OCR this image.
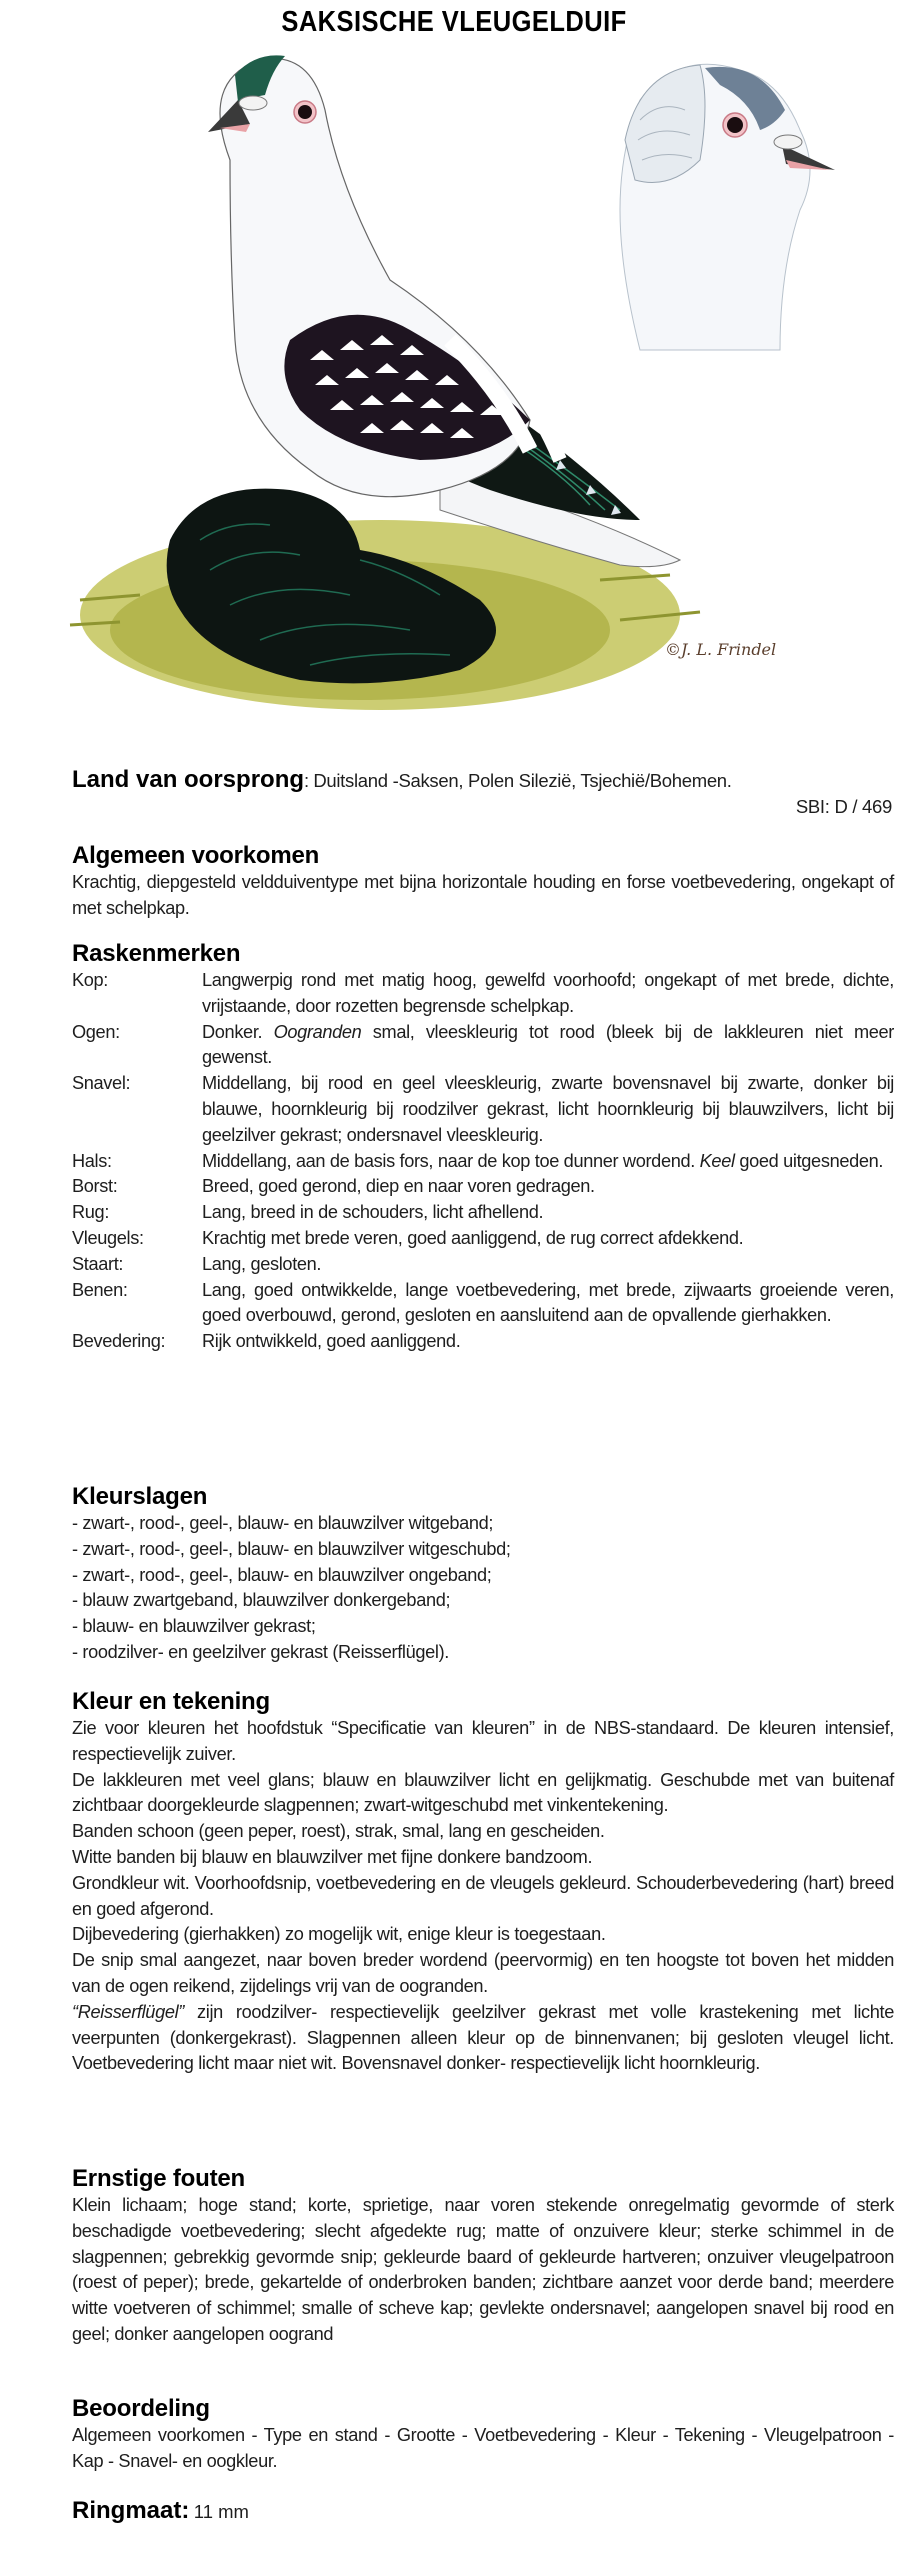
SAKSISCHE VLEUGELDUIF
©J. L. Frindel
Land van oorsprong: Duitsland -Saksen, Polen Silezië, Tsjechië/Bohemen.
SBI: D / 469
Algemeen voorkomen
Krachtig, diepgesteld veldduiventype met bijna horizontale houding en forse voetbevedering, ongekapt of met schelpkap.
Raskenmerken
Kop:	Langwerpig rond met matig hoog, gewelfd voorhoofd; ongekapt of met brede, dichte, vrijstaande, door rozetten begrensde schelpkap.
Ogen:	Donker. Oogranden smal, vleeskleurig tot rood (bleek bij de lakkleuren niet meer gewenst.
Snavel:	Middellang, bij rood en geel vleeskleurig, zwarte bovensnavel bij zwarte, donker bij blauwe, hoornkleurig bij roodzilver gekrast, licht hoornkleurig bij blauwzilvers, licht bij geelzilver gekrast; ondersnavel vleeskleurig.
Hals:	Middellang, aan de basis fors, naar de kop toe dunner wordend. Keel goed uitgesneden.
Borst:	Breed, goed gerond, diep en naar voren gedragen.
Rug:	Lang, breed in de schouders, licht afhellend.
Vleugels:	Krachtig met brede veren, goed aanliggend, de rug correct afdekkend.
Staart:	Lang, gesloten.
Benen:	Lang, goed ontwikkelde, lange voetbevedering, met brede, zijwaarts groeiende veren, goed overbouwd, gerond, gesloten en aansluitend aan de opvallende gierhakken.
Bevedering:	Rijk ontwikkeld, goed aanliggend.
Kleurslagen
- zwart-, rood-, geel-, blauw- en blauwzilver witgeband;
- zwart-, rood-, geel-, blauw- en blauwzilver witgeschubd;
- zwart-, rood-, geel-, blauw- en blauwzilver ongeband;
- blauw zwartgeband, blauwzilver donkergeband;
- blauw- en blauwzilver gekrast;
- roodzilver- en geelzilver gekrast (Reisserflügel).
Kleur en tekening

Zie voor kleuren het hoofdstuk “Specificatie van kleuren” in de NBS-standaard. De kleuren intensief, respectievelijk zuiver.

De lakkleuren met veel glans; blauw en blauwzilver licht en gelijkmatig. Geschubde met van buitenaf zichtbaar doorgekleurde slagpennen; zwart-witgeschubd met vinkentekening.

Banden schoon (geen peper, roest), strak, smal, lang en gescheiden.

Witte banden bij blauw en blauwzilver met fijne donkere bandzoom.

Grondkleur wit. Voorhoofdsnip, voetbevedering en de vleugels gekleurd. Schouderbevedering (hart) breed en goed afgerond.

Dijbevedering (gierhakken) zo mogelijk wit, enige kleur is toegestaan.

De snip smal aangezet, naar boven breder wordend (peervormig) en ten hoogste tot boven het midden van de ogen reikend, zijdelings vrij van de oogranden.

“Reisserflügel” zijn roodzilver- respectievelijk geelzilver gekrast met volle krastekening met lichte veerpunten (donkergekrast). Slagpennen alleen kleur op de binnenvanen; bij gesloten vleugel licht. Voetbevedering licht maar niet wit. Bovensnavel donker- respectievelijk licht hoornkleurig.

Ernstige fouten
Klein lichaam; hoge stand; korte, sprietige, naar voren stekende onregelmatig gevormde of sterk beschadigde voetbevedering; slecht afgedekte rug; matte of onzuivere kleur; sterke schimmel in de slagpennen; gebrekkig gevormde snip; gekleurde baard of gekleurde hartveren; onzuiver vleugelpatroon (roest of peper); brede, gekartelde of onderbroken banden; zichtbare aanzet voor derde band; meerdere witte voetveren of schimmel; smalle of scheve kap; gevlekte ondersnavel; aangelopen snavel bij rood en geel; donker aangelopen oogrand
Beoordeling
Algemeen voorkomen - Type en stand - Grootte - Voetbevedering - Kleur - Tekening - Vleugelpatroon - Kap - Snavel- en oogkleur.
Ringmaat: 11 mm
